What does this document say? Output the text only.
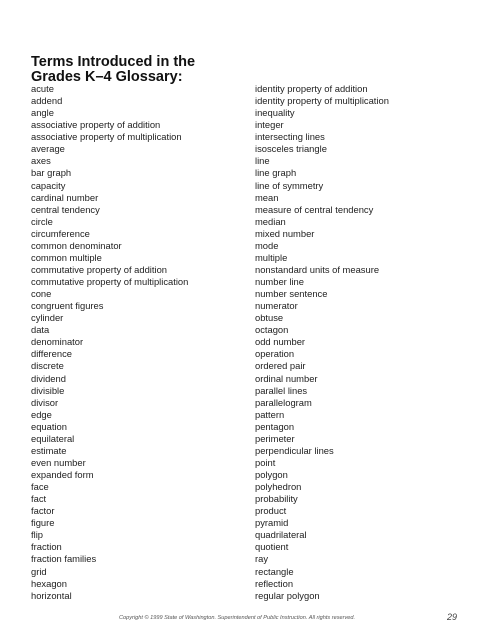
Terms Introduced in the
Grades K–4 Glossary:
acute
addend
angle
associative property of addition
associative property of multiplication
average
axes
bar graph
capacity
cardinal number
central tendency
circle
circumference
common denominator
common multiple
commutative property of addition
commutative property of multiplication
cone
congruent figures
cylinder
data
denominator
difference
discrete
dividend
divisible
divisor
edge
equation
equilateral
estimate
even number
expanded form
face
fact
factor
figure
flip
fraction
fraction families
grid
hexagon
horizontal
identity property of addition
identity property of multiplication
inequality
integer
intersecting lines
isosceles triangle
line
line graph
line of symmetry
mean
measure of central tendency
median
mixed number
mode
multiple
nonstandard units of measure
number line
number sentence
numerator
obtuse
octagon
odd number
operation
ordered pair
ordinal number
parallel lines
parallelogram
pattern
pentagon
perimeter
perpendicular lines
point
polygon
polyhedron
probability
product
pyramid
quadrilateral
quotient
ray
rectangle
reflection
regular polygon
Copyright © 1999 State of Washington. Superintendent of Public Instruction. All rights reserved.	29
